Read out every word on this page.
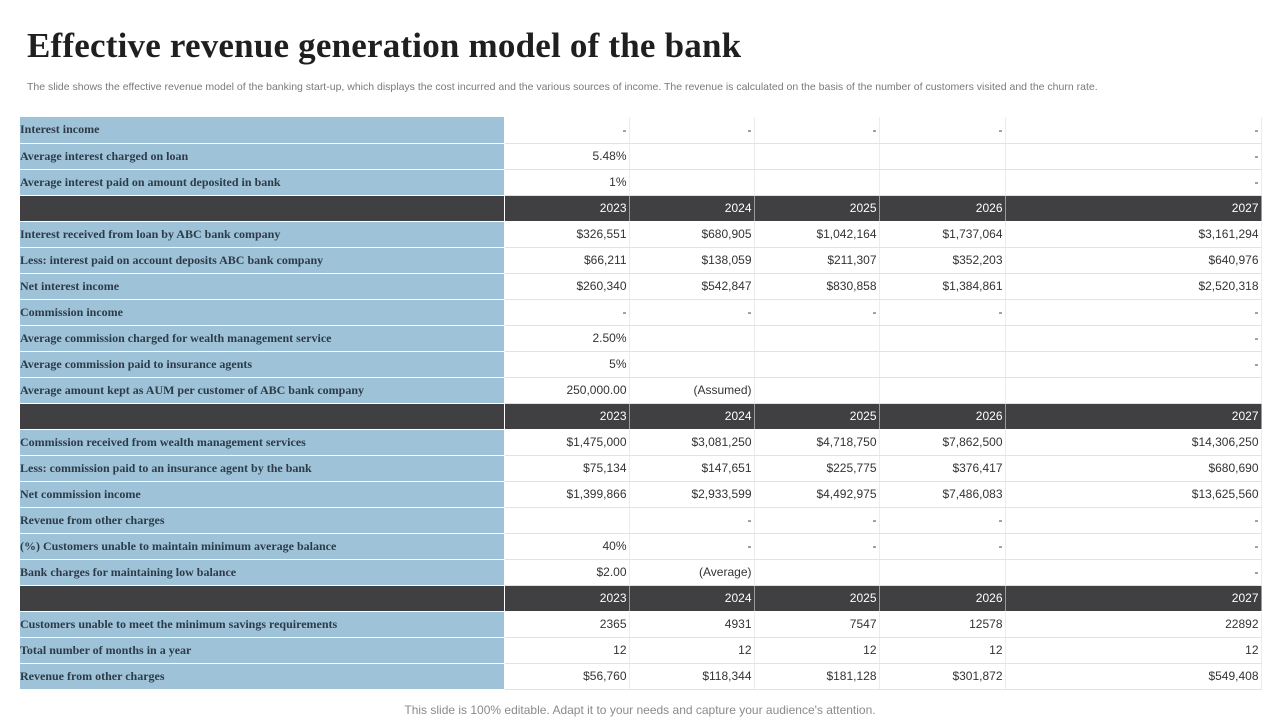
Effective revenue generation model of the bank

The slide shows the effective revenue model of the banking start-up, which displays the cost incurred and the various sources of income. The revenue is calculated on the basis of the number of customers visited and the churn rate.

Interest income	-	-	-	-	-
Average interest charged on loan	5.48%				-
Average interest paid on amount deposited in bank	1%				-
	2023	2024	2025	2026	2027
Interest received from loan by ABC bank company	$326,551	$680,905	$1,042,164	$1,737,064	$3,161,294
Less: interest paid on account deposits ABC bank company	$66,211	$138,059	$211,307	$352,203	$640,976
Net interest income	$260,340	$542,847	$830,858	$1,384,861	$2,520,318
Commission income	-	-	-	-	-
Average commission charged for wealth management service	2.50%				-
Average commission paid to insurance agents	5%				-
Average amount kept as AUM per customer of ABC bank company	250,000.00	(Assumed)			
	2023	2024	2025	2026	2027
Commission received from wealth management services	$1,475,000	$3,081,250	$4,718,750	$7,862,500	$14,306,250
Less: commission paid to an insurance agent by the bank	$75,134	$147,651	$225,775	$376,417	$680,690
Net commission income	$1,399,866	$2,933,599	$4,492,975	$7,486,083	$13,625,560
Revenue from other charges		-	-	-	-
(%) Customers unable to maintain minimum average balance	40%	-	-	-	-
Bank charges for maintaining low balance	$2.00	(Average)			-
	2023	2024	2025	2026	2027
Customers unable to meet the minimum savings requirements	2365	4931	7547	12578	22892
Total number of months in a year	12	12	12	12	12
Revenue from other charges	$56,760	$118,344	$181,128	$301,872	$549,408
This slide is 100% editable. Adapt it to your needs and capture your audience's attention.
